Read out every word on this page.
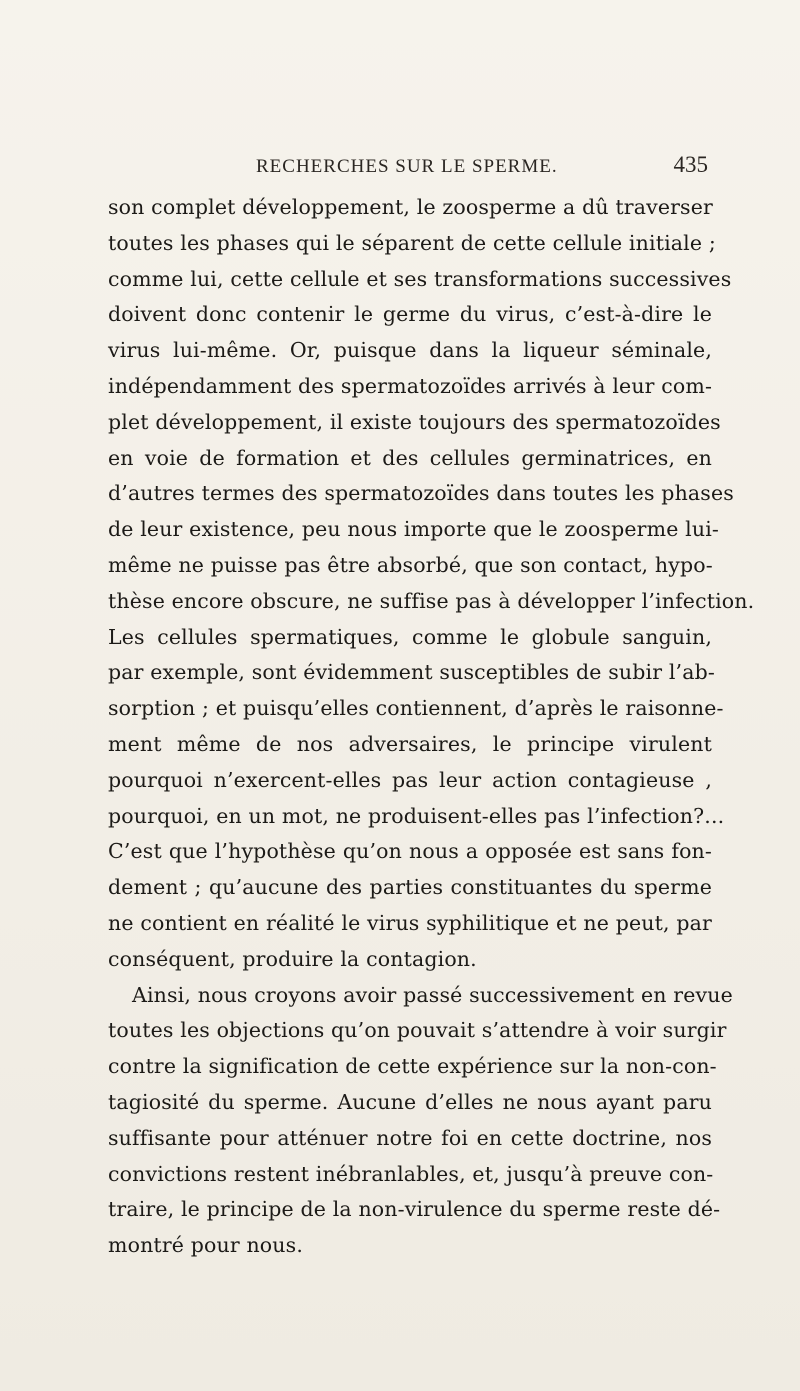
RECHERCHES SUR LE SPERME.	435
son complet développement, le zoosperme a dû traverser
toutes les phases qui le séparent de cette cellule initiale ;
comme lui, cette cellule et ses transformations successives
doivent donc contenir le germe du virus, c’est-à-dire le
virus lui-même. Or, puisque dans la liqueur séminale,
indépendamment des spermatozoïdes arrivés à leur com-
plet développement, il existe toujours des spermatozoïdes
en voie de formation et des cellules germinatrices, en
d’autres termes des spermatozoïdes dans toutes les phases
de leur existence, peu nous importe que le zoosperme lui-
même ne puisse pas être absorbé, que son contact, hypo-
thèse encore obscure, ne suffise pas à développer l’infection.
Les cellules spermatiques, comme le globule sanguin,
par exemple, sont évidemment susceptibles de subir l’ab-
sorption ; et puisqu’elles contiennent, d’après le raisonne-
ment même de nos adversaires, le principe virulent
pourquoi n’exercent-elles pas leur action contagieuse ,
pourquoi, en un mot, ne produisent-elles pas l’infection?...
C’est que l’hypothèse qu’on nous a opposée est sans fon-
dement ; qu’aucune des parties constituantes du sperme
ne contient en réalité le virus syphilitique et ne peut, par
conséquent, produire la contagion.
Ainsi, nous croyons avoir passé successivement en revue
toutes les objections qu’on pouvait s’attendre à voir surgir
contre la signification de cette expérience sur la non-con-
tagiosité du sperme. Aucune d’elles ne nous ayant paru
suffisante pour atténuer notre foi en cette doctrine, nos
convictions restent inébranlables, et, jusqu’à preuve con-
traire, le principe de la non-virulence du sperme reste dé-
montré pour nous.
